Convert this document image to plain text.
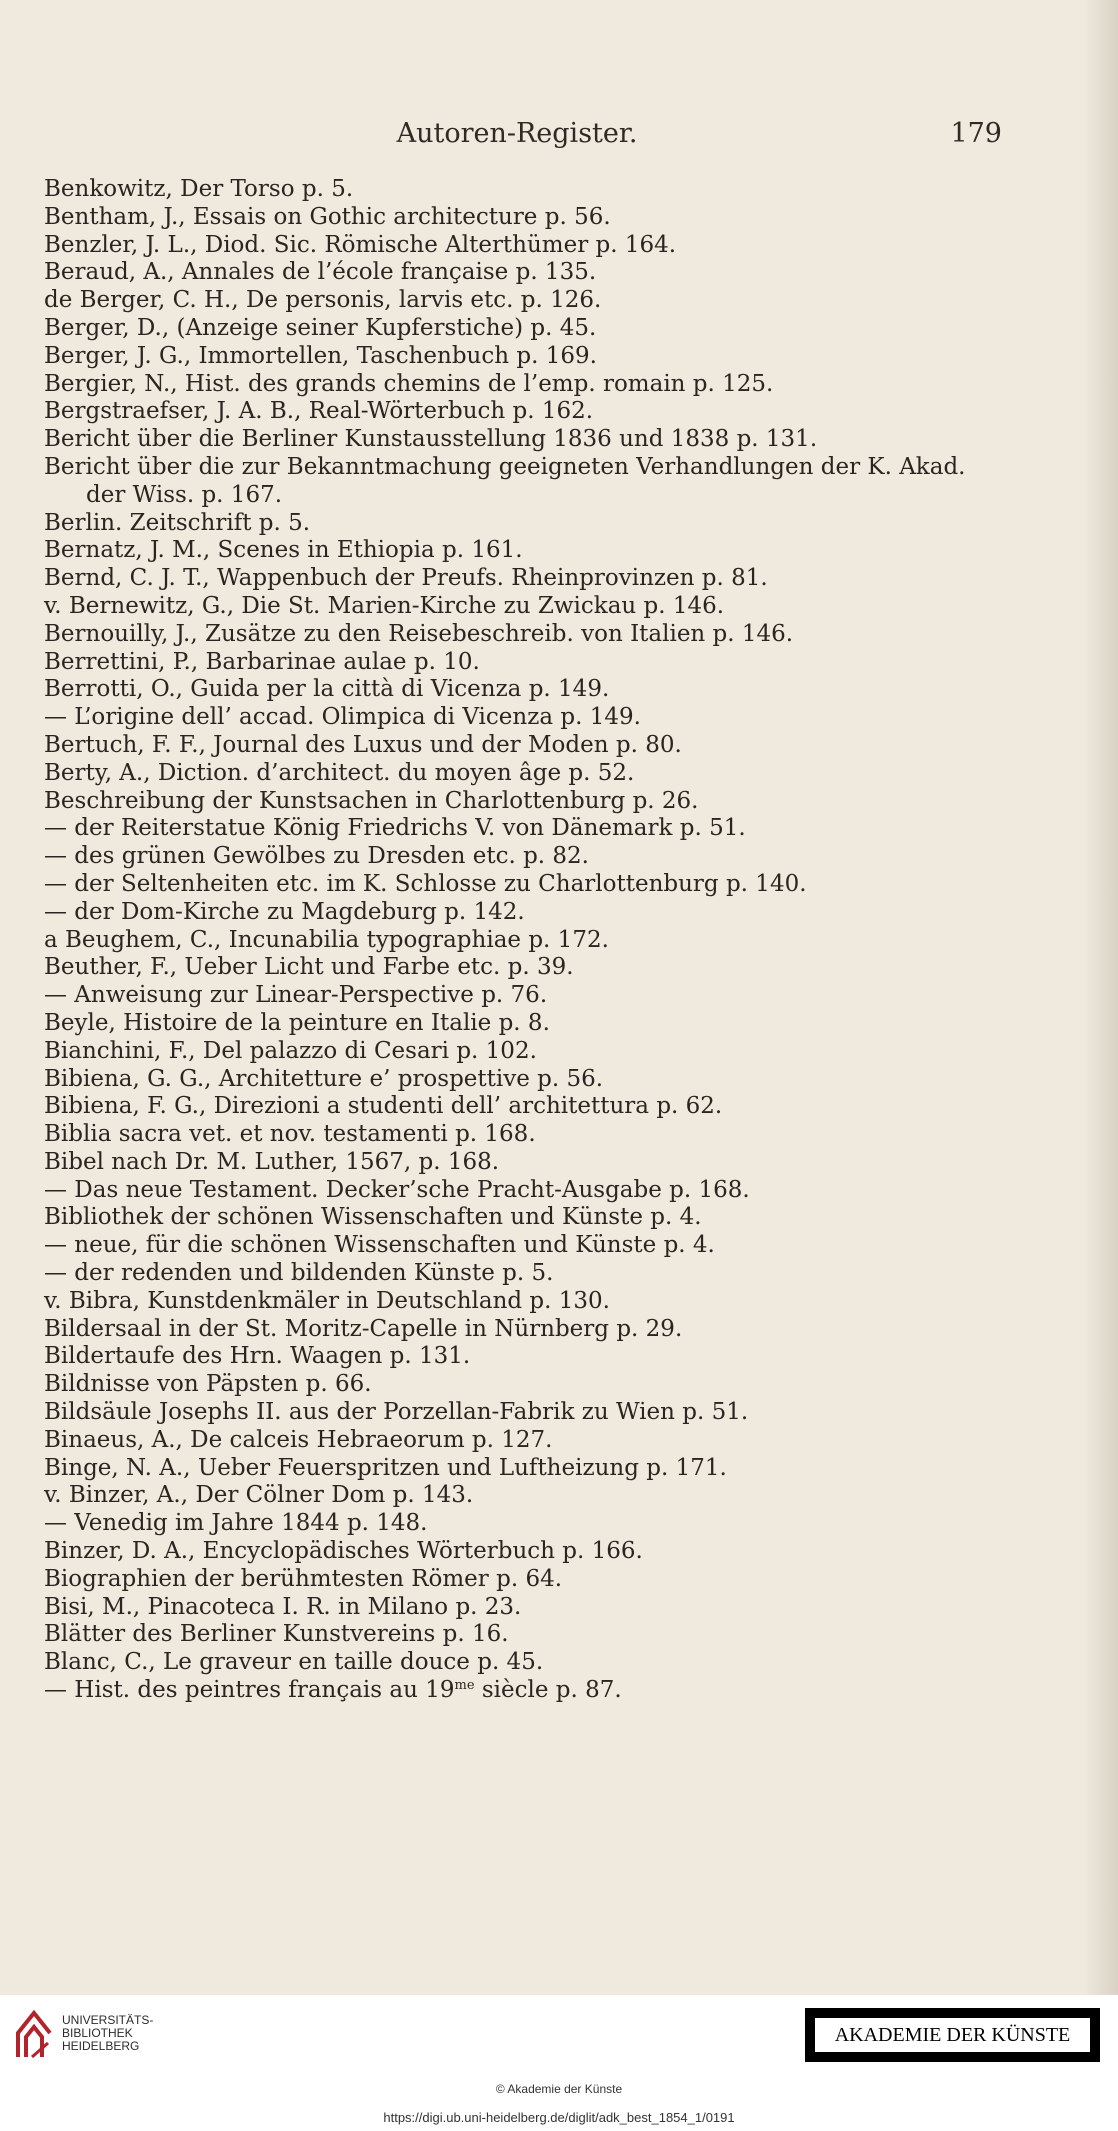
Autoren-Register.	179
Benkowitz, Der Torso p. 5.
Bentham, J., Essais on Gothic architecture p. 56.
Benzler, J. L., Diod. Sic. Römische Alterthümer p. 164.
Beraud, A., Annales de l’école française p. 135.
de Berger, C. H., De personis, larvis etc. p. 126.
Berger, D., (Anzeige seiner Kupferstiche) p. 45.
Berger, J. G., Immortellen, Taschenbuch p. 169.
Bergier, N., Hist. des grands chemins de l’emp. romain p. 125.
Bergstraefser, J. A. B., Real-Wörterbuch p. 162.
Bericht über die Berliner Kunstausstellung 1836 und 1838 p. 131.
Bericht über die zur Bekanntmachung geeigneten Verhandlungen der K. Akad.
der Wiss. p. 167.
Berlin. Zeitschrift p. 5.
Bernatz, J. M., Scenes in Ethiopia p. 161.
Bernd, C. J. T., Wappenbuch der Preufs. Rheinprovinzen p. 81.
v. Bernewitz, G., Die St. Marien-Kirche zu Zwickau p. 146.
Bernouilly, J., Zusätze zu den Reisebeschreib. von Italien p. 146.
Berrettini, P., Barbarinae aulae p. 10.
Berrotti, O., Guida per la città di Vicenza p. 149.
— L’origine dell’ accad. Olimpica di Vicenza p. 149.
Bertuch, F. F., Journal des Luxus und der Moden p. 80.
Berty, A., Diction. d’architect. du moyen âge p. 52.
Beschreibung der Kunstsachen in Charlottenburg p. 26.
— der Reiterstatue König Friedrichs V. von Dänemark p. 51.
— des grünen Gewölbes zu Dresden etc. p. 82.
— der Seltenheiten etc. im K. Schlosse zu Charlottenburg p. 140.
— der Dom-Kirche zu Magdeburg p. 142.
a Beughem, C., Incunabilia typographiae p. 172.
Beuther, F., Ueber Licht und Farbe etc. p. 39.
— Anweisung zur Linear-Perspective p. 76.
Beyle, Histoire de la peinture en Italie p. 8.
Bianchini, F., Del palazzo di Cesari p. 102.
Bibiena, G. G., Architetture e’ prospettive p. 56.
Bibiena, F. G., Direzioni a studenti dell’ architettura p. 62.
Biblia sacra vet. et nov. testamenti p. 168.
Bibel nach Dr. M. Luther, 1567, p. 168.
— Das neue Testament. Decker’sche Pracht-Ausgabe p. 168.
Bibliothek der schönen Wissenschaften und Künste p. 4.
— neue, für die schönen Wissenschaften und Künste p. 4.
— der redenden und bildenden Künste p. 5.
v. Bibra, Kunstdenkmäler in Deutschland p. 130.
Bildersaal in der St. Moritz-Capelle in Nürnberg p. 29.
Bildertaufe des Hrn. Waagen p. 131.
Bildnisse von Päpsten p. 66.
Bildsäule Josephs II. aus der Porzellan-Fabrik zu Wien p. 51.
Binaeus, A., De calceis Hebraeorum p. 127.
Binge, N. A., Ueber Feuerspritzen und Luftheizung p. 171.
v. Binzer, A., Der Cölner Dom p. 143.
— Venedig im Jahre 1844 p. 148.
Binzer, D. A., Encyclopädisches Wörterbuch p. 166.
Biographien der berühmtesten Römer p. 64.
Bisi, M., Pinacoteca I. R. in Milano p. 23.
Blätter des Berliner Kunstvereins p. 16.
Blanc, C., Le graveur en taille douce p. 45.
— Hist. des peintres français au $19^{me}$ siècle p. 87.
UNIVERSITÄTS-
BIBLIOTHEK
HEIDELBERG	AKADEMIE DER KÜNSTE
© Akademie der Künste
https://digi.ub.uni-heidelberg.de/diglit/adk_best_1854_1/0191
